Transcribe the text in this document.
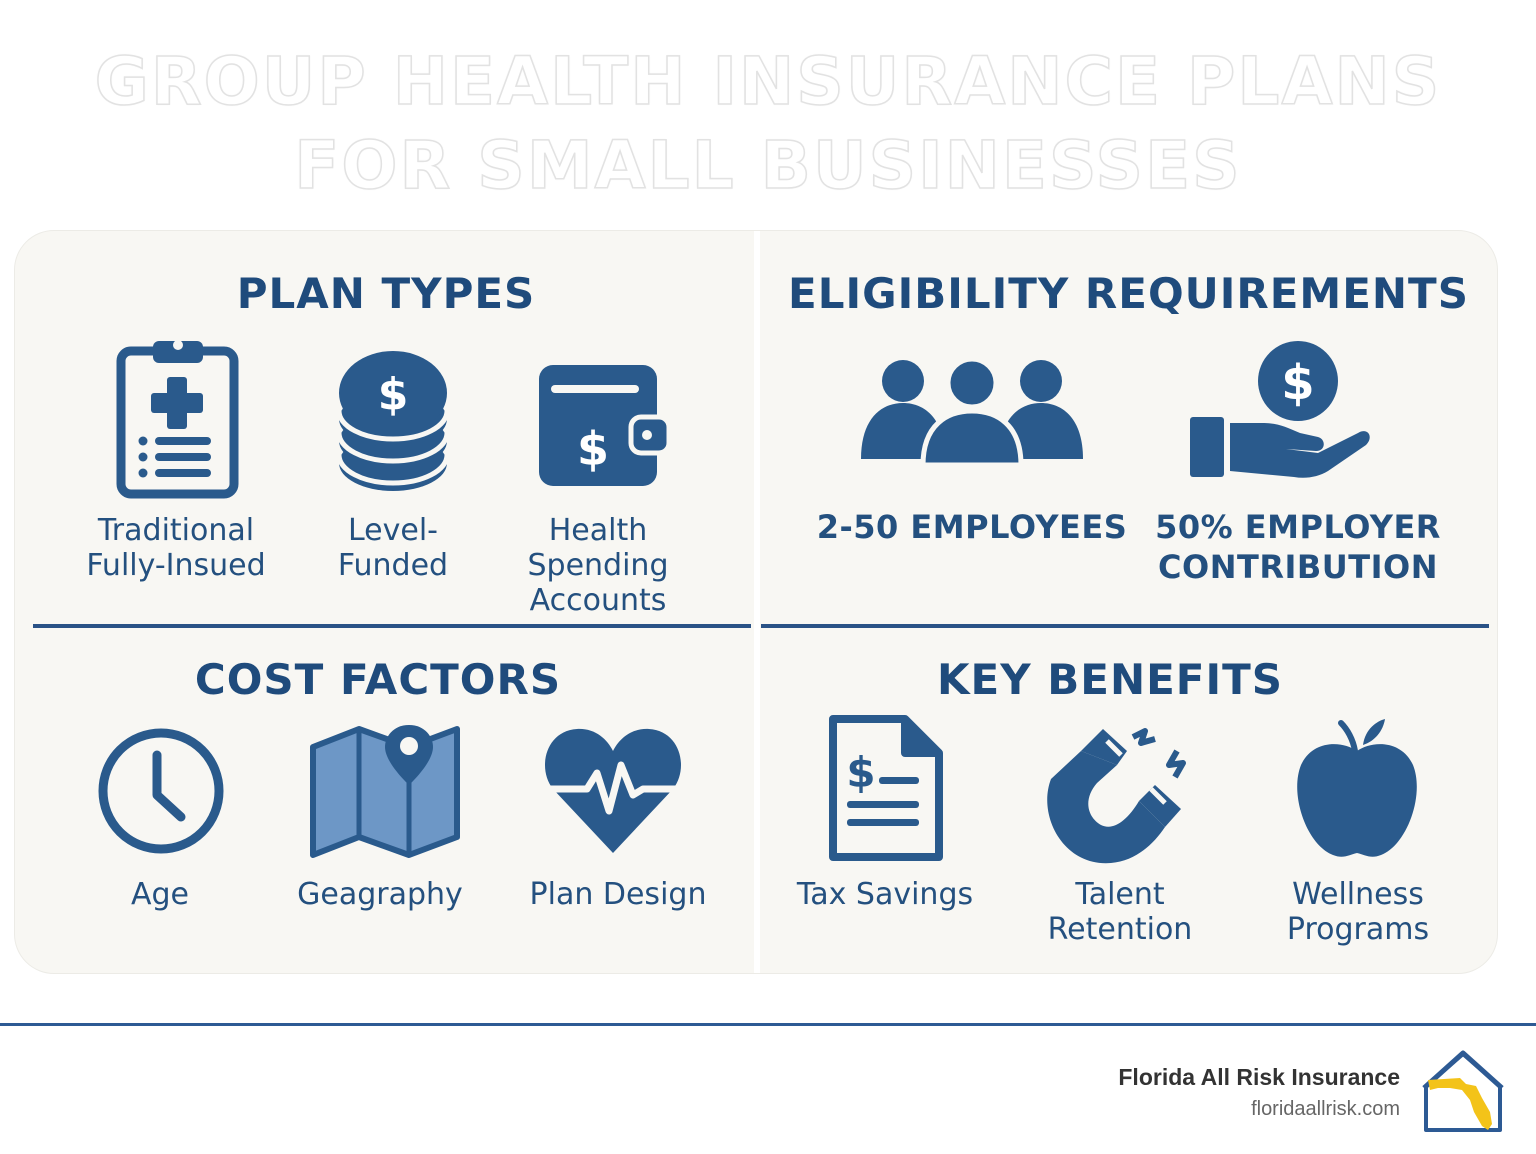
GROUP HEALTH INSURANCE PLANS
FOR SMALL BUSINESSES
PLAN TYPES
Traditional
Fully-Insued
$
Level-
Funded
$
Health
Spending
Accounts
ELIGIBILITY REQUIREMENTS
2-50 EMPLOYEES
$
50% EMPLOYER
CONTRIBUTION
COST FACTORS
Age	Geagraphy	Plan Design
KEY BENEFITS
$
Tax Savings	Talent
Retention
Wellness
Programs
Florida All Risk Insurance
floridaallrisk.com
